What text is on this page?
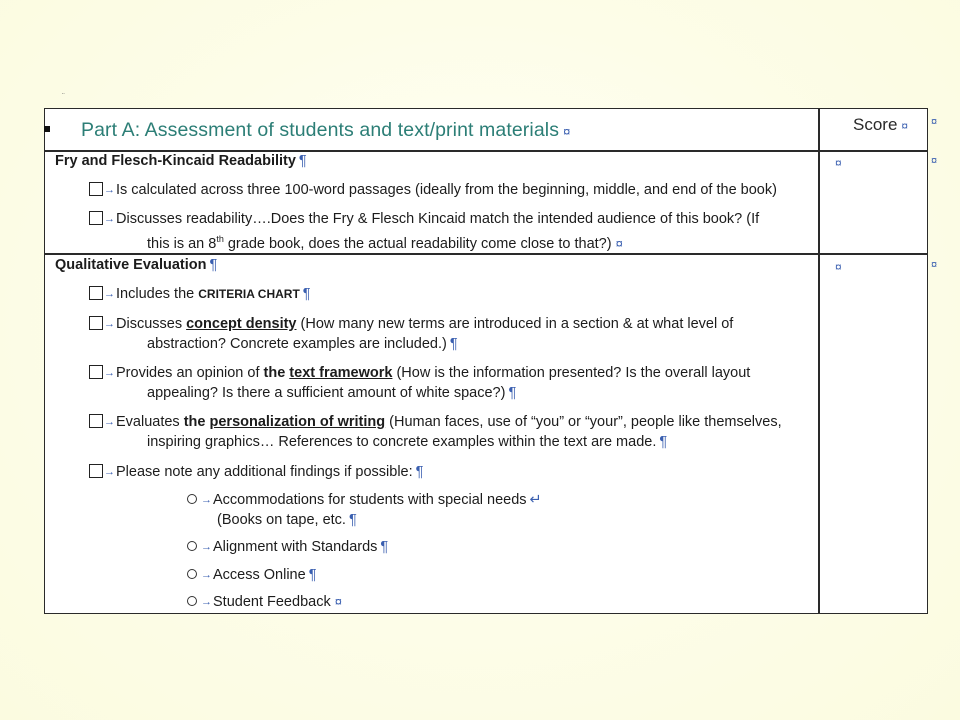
¨
Part A: Assessment of students and text/print materials ¤	Score ¤
Fry and Flesch-Kincaid Readability ¶	¤
→Is calculated across three 100-word passages (ideally from the beginning, middle, and end of the book)
→Discusses readability….Does the Fry & Flesch Kincaid match the intended audience of this book? (If
this is an 8th grade book, does the actual readability come close to that?) ¤
Qualitative Evaluation ¶	¤
→Includes the CRITERIA CHART ¶
→Discusses concept density (How many new terms are introduced in a section & at what level of
abstraction? Concrete examples are included.) ¶
→Provides an opinion of the text framework (How is the information presented? Is the overall layout
appealing? Is there a sufficient amount of white space?) ¶
→Evaluates the personalization of writing (Human faces, use of “you” or “your”, people like themselves,
inspiring graphics… References to concrete examples within the text are made. ¶
→Please note any additional findings if possible: ¶
→Accommodations for students with special needs ↵
(Books on tape, etc. ¶
→Alignment with Standards ¶
→Access Online ¶
→Student Feedback ¤
¤
¤
¤
